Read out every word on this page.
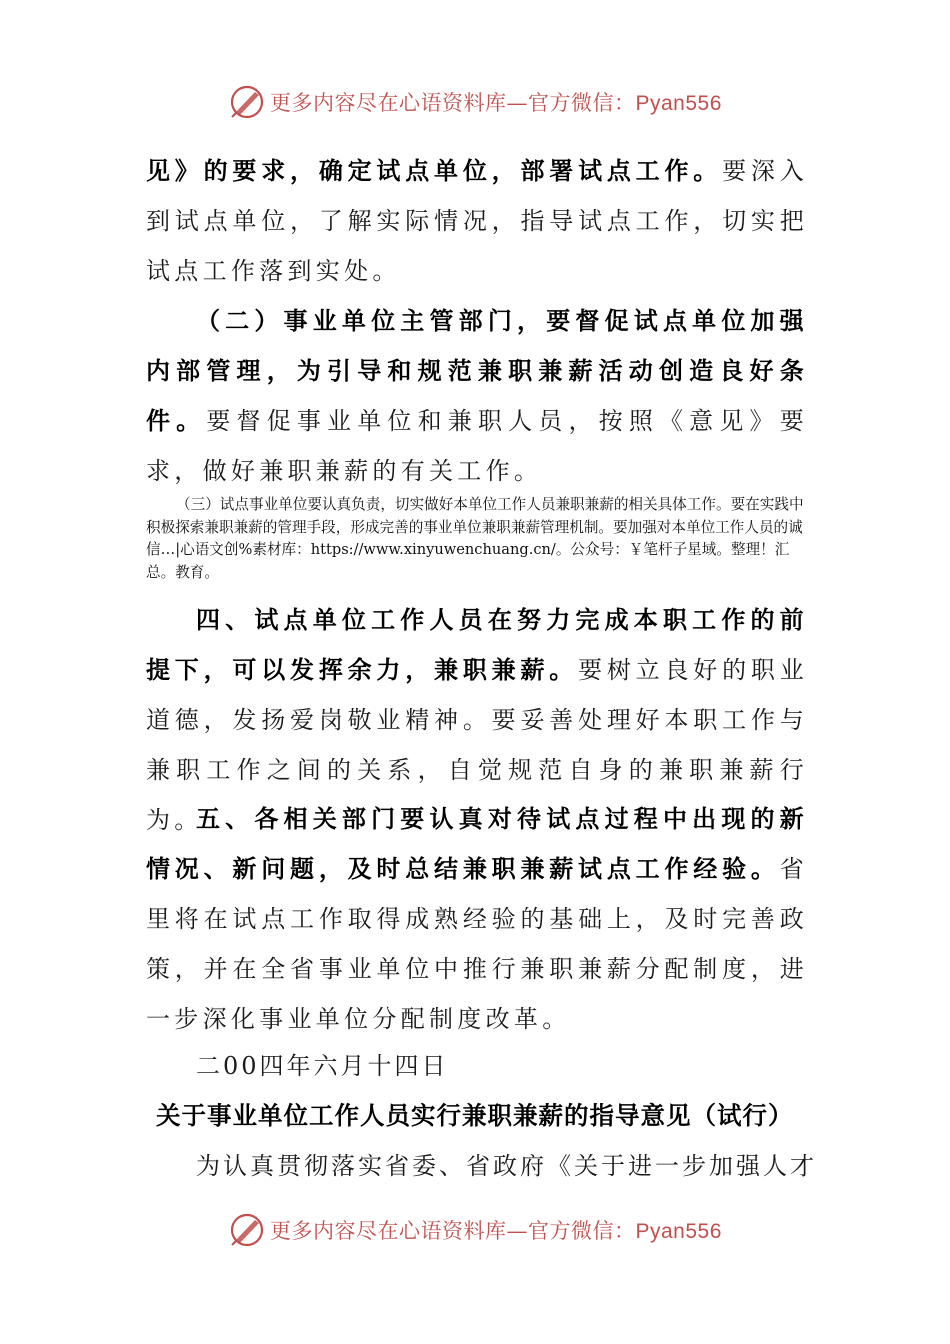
更多内容尽在心语资料库—官方微信：Pyan556

见》的要求，确定试点单位，部署试点工作。要深入到试点单位，了解实际情况，指导试点工作，切实把试点工作落到实处。

（二）事业单位主管部门，要督促试点单位加强内部管理，为引导和规范兼职兼薪活动创造良好条件。要督促事业单位和兼职人员，按照《意见》要求，做好兼职兼薪的有关工作。

（三）试点事业单位要认真负责，切实做好本单位工作人员兼职兼薪的相关具体工作。要在实践中积极探索兼职兼薪的管理手段，形成完善的事业单位兼职兼薪管理机制。要加强对本单位工作人员的诚信…|心语文创%素材库：https://www.xinyuwenchuang.cn/。公众号：￥笔杆子星域。整理！汇总。教育。

四、试点单位工作人员在努力完成本职工作的前提下，可以发挥余力，兼职兼薪。要树立良好的职业道德，发扬爱岗敬业精神。要妥善处理好本职工作与兼职工作之间的关系，自觉规范自身的兼职兼薪行为。

五、各相关部门要认真对待试点过程中出现的新情况、新问题，及时总结兼职兼薪试点工作经验。省里将在试点工作取得成熟经验的基础上，及时完善政策，并在全省事业单位中推行兼职兼薪分配制度，进一步深化事业单位分配制度改革。

二00四年六月十四日

关于事业单位工作人员实行兼职兼薪的指导意见（试行）

为认真贯彻落实省委、省政府《关于进一步加强人才

更多内容尽在心语资料库—官方微信：Pyan556
